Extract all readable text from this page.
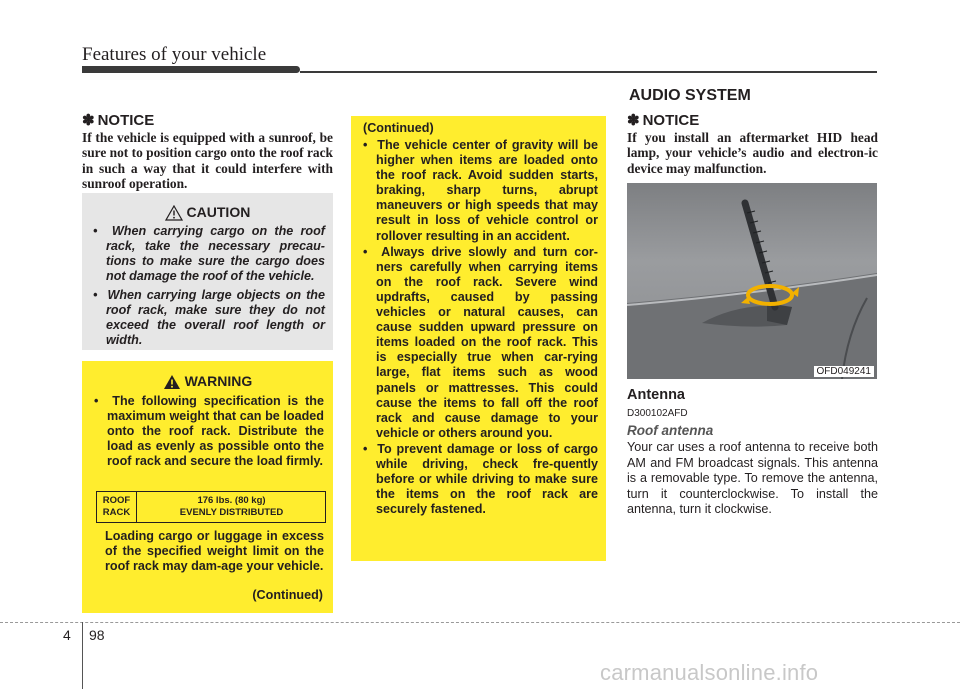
Features of your vehicle
✽ NOTICE
If the vehicle is equipped with a sunroof, be sure not to position cargo onto the roof rack in such a way that it could interfere with sunroof operation.
CAUTION
•  When carrying cargo on the roof rack, take the necessary precau-tions to make sure the cargo does not damage the roof of the vehicle.
•  When carrying large objects on the roof rack, make sure they do not exceed the overall roof length or width.
WARNING
•  The following specification is the maximum weight that can be loaded onto the roof rack. Distribute the load as evenly as possible onto the roof rack and secure the load firmly.
ROOF
RACK
176 lbs. (80 kg)
EVENLY DISTRIBUTED
Loading cargo or luggage in excess of the specified weight limit on the roof rack may dam-age your vehicle.
(Continued)
(Continued)
•  The vehicle center of gravity will be higher when items are loaded onto the roof rack. Avoid sudden starts, braking, sharp turns, abrupt maneuvers or high speeds that may result in loss of vehicle control or rollover resulting in an accident.
•  Always drive slowly and turn cor-ners carefully when carrying items on the roof rack. Severe wind updrafts, caused by passing vehicles or natural causes, can cause sudden upward pressure on items loaded on the roof rack. This is especially true when car-rying large, flat items such as wood panels or mattresses. This could cause the items to fall off the roof rack and cause damage to your vehicle or others around you.
•  To prevent damage or loss of cargo while driving, check fre-quently before or while driving to make sure the items on the roof rack are securely fastened.
AUDIO SYSTEM
✽ NOTICE
If you install an aftermarket HID head lamp, your vehicle’s audio and electron-ic device may malfunction.
OFD049241
Antenna
D300102AFD
Roof antenna
Your car uses a roof antenna to receive both AM and FM broadcast signals. This antenna is a removable type. To remove the antenna, turn it counterclockwise. To install the antenna, turn it clockwise.
4 98
carmanualsonline.info
